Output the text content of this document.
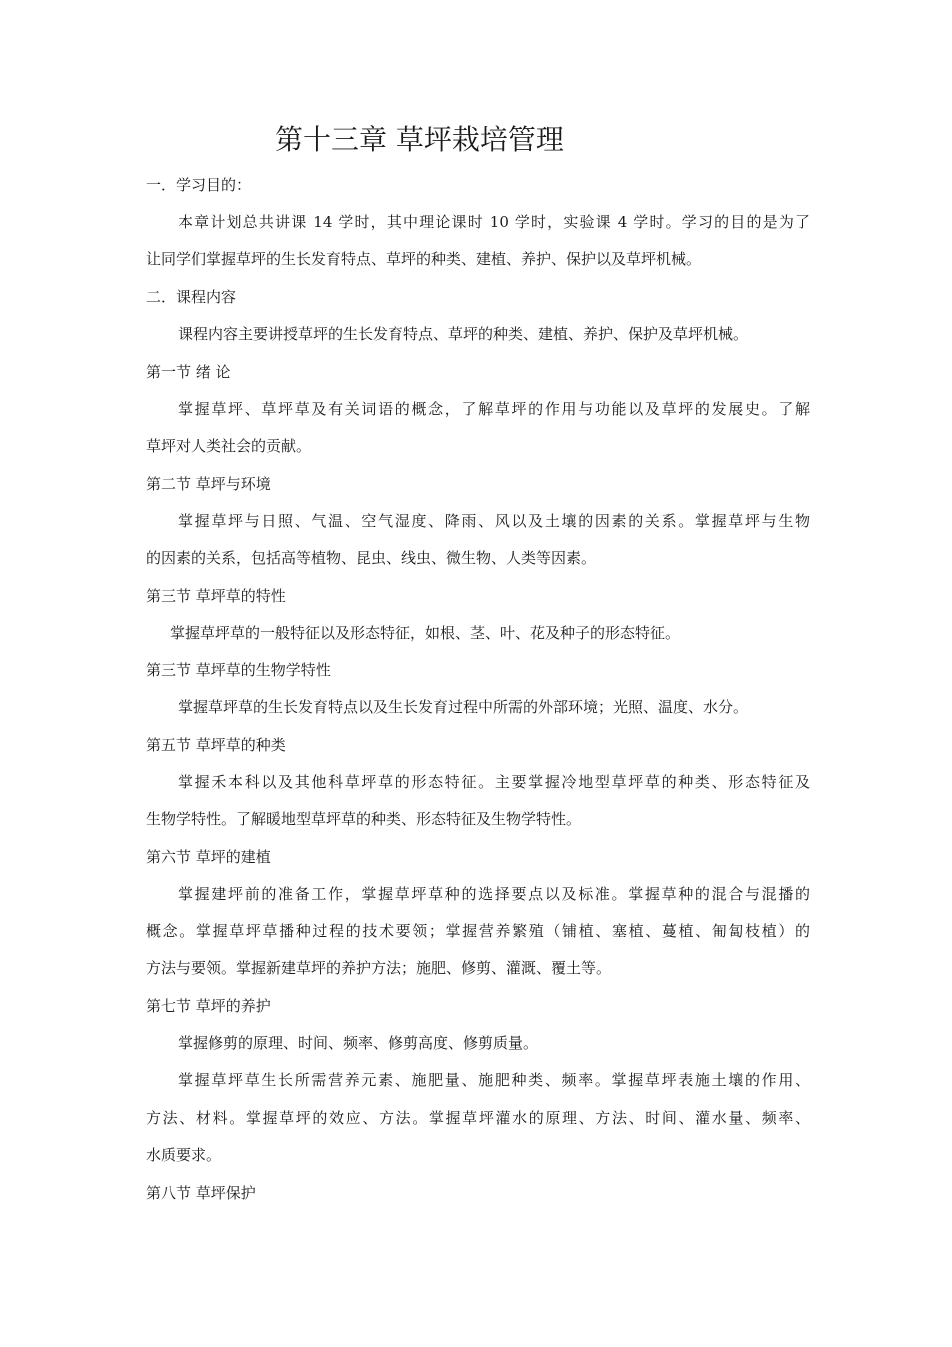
第十三章 草坪栽培管理
一．学习目的：
本章计划总共讲课 14 学时，其中理论课时 10 学时，实验课 4 学时。学习的目的是为了
让同学们掌握草坪的生长发育特点、草坪的种类、建植、养护、保护以及草坪机械。
二．课程内容
课程内容主要讲授草坪的生长发育特点、草坪的种类、建植、养护、保护及草坪机械。
第一节 绪 论
掌握草坪、草坪草及有关词语的概念，了解草坪的作用与功能以及草坪的发展史。了解
草坪对人类社会的贡献。
第二节 草坪与环境
掌握草坪与日照、气温、空气湿度、降雨、风以及土壤的因素的关系。掌握草坪与生物
的因素的关系，包括高等植物、昆虫、线虫、微生物、人类等因素。
第三节 草坪草的特性
掌握草坪草的一般特征以及形态特征，如根、茎、叶、花及种子的形态特征。
第三节 草坪草的生物学特性
掌握草坪草的生长发育特点以及生长发育过程中所需的外部环境；光照、温度、水分。
第五节 草坪草的种类
掌握禾本科以及其他科草坪草的形态特征。主要掌握冷地型草坪草的种类、形态特征及
生物学特性。了解暖地型草坪草的种类、形态特征及生物学特性。
第六节 草坪的建植
掌握建坪前的准备工作，掌握草坪草种的选择要点以及标准。掌握草种的混合与混播的
概念。掌握草坪草播种过程的技术要领；掌握营养繁殖（铺植、塞植、蔓植、匍匐枝植）的
方法与要领。掌握新建草坪的养护方法；施肥、修剪、灌溉、覆土等。
第七节 草坪的养护
掌握修剪的原理、时间、频率、修剪高度、修剪质量。
掌握草坪草生长所需营养元素、施肥量、施肥种类、频率。掌握草坪表施土壤的作用、
方法、材料。掌握草坪的效应、方法。掌握草坪灌水的原理、方法、时间、灌水量、频率、
水质要求。
第八节 草坪保护
